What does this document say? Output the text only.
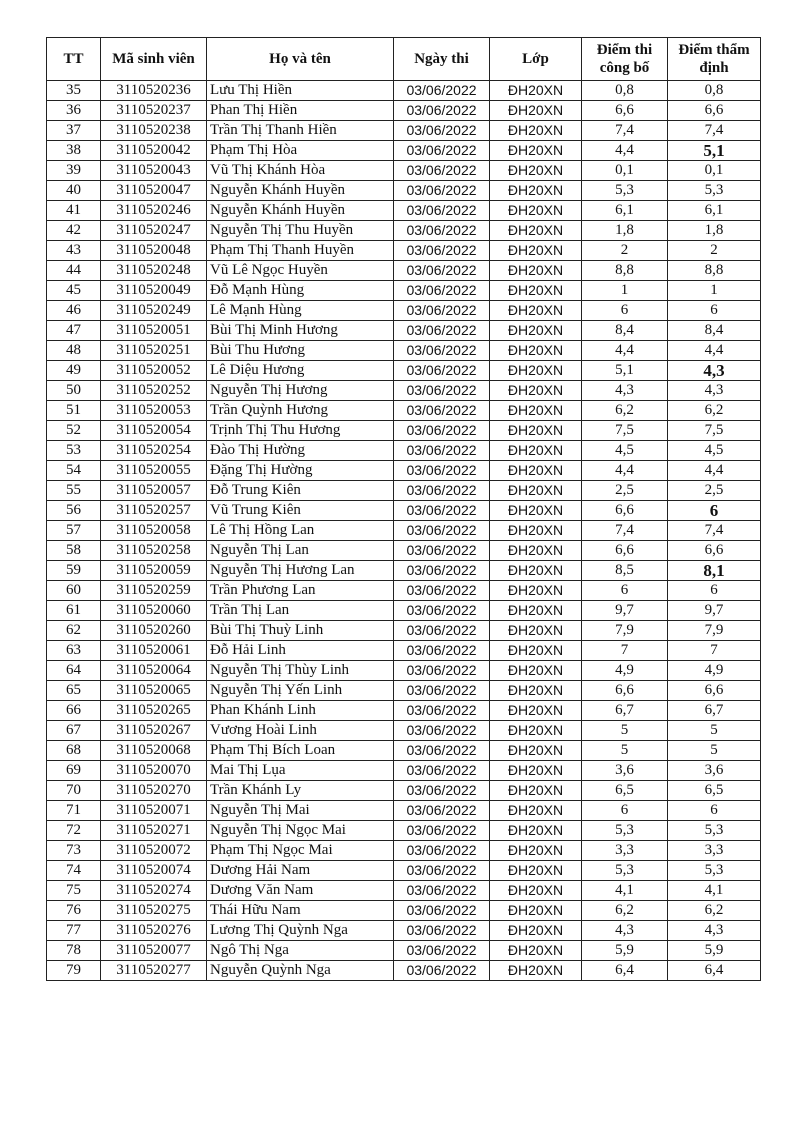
TT	Mã sinh viên	Họ và tên	Ngày thi	Lớp	Điểm thi công bố	Điểm thẩm định
35	3110520236	Lưu Thị Hiền	03/06/2022	ĐH20XN	0,8	0,8
36	3110520237	Phan Thị Hiền	03/06/2022	ĐH20XN	6,6	6,6
37	3110520238	Trần Thị Thanh Hiền	03/06/2022	ĐH20XN	7,4	7,4
38	3110520042	Phạm Thị Hòa	03/06/2022	ĐH20XN	4,4	5,1
39	3110520043	Vũ Thị Khánh Hòa	03/06/2022	ĐH20XN	0,1	0,1
40	3110520047	Nguyễn Khánh Huyền	03/06/2022	ĐH20XN	5,3	5,3
41	3110520246	Nguyễn Khánh Huyền	03/06/2022	ĐH20XN	6,1	6,1
42	3110520247	Nguyễn Thị Thu Huyền	03/06/2022	ĐH20XN	1,8	1,8
43	3110520048	Phạm Thị Thanh Huyền	03/06/2022	ĐH20XN	2	2
44	3110520248	Vũ Lê Ngọc Huyền	03/06/2022	ĐH20XN	8,8	8,8
45	3110520049	Đỗ Mạnh Hùng	03/06/2022	ĐH20XN	1	1
46	3110520249	Lê Mạnh Hùng	03/06/2022	ĐH20XN	6	6
47	3110520051	Bùi Thị Minh Hương	03/06/2022	ĐH20XN	8,4	8,4
48	3110520251	Bùi Thu Hương	03/06/2022	ĐH20XN	4,4	4,4
49	3110520052	Lê Diệu Hương	03/06/2022	ĐH20XN	5,1	4,3
50	3110520252	Nguyễn Thị Hương	03/06/2022	ĐH20XN	4,3	4,3
51	3110520053	Trần Quỳnh Hương	03/06/2022	ĐH20XN	6,2	6,2
52	3110520054	Trịnh Thị Thu Hương	03/06/2022	ĐH20XN	7,5	7,5
53	3110520254	Đào Thị Hường	03/06/2022	ĐH20XN	4,5	4,5
54	3110520055	Đặng Thị Hường	03/06/2022	ĐH20XN	4,4	4,4
55	3110520057	Đỗ Trung Kiên	03/06/2022	ĐH20XN	2,5	2,5
56	3110520257	Vũ Trung Kiên	03/06/2022	ĐH20XN	6,6	6
57	3110520058	Lê Thị Hồng Lan	03/06/2022	ĐH20XN	7,4	7,4
58	3110520258	Nguyễn Thị Lan	03/06/2022	ĐH20XN	6,6	6,6
59	3110520059	Nguyễn Thị Hương Lan	03/06/2022	ĐH20XN	8,5	8,1
60	3110520259	Trần Phương Lan	03/06/2022	ĐH20XN	6	6
61	3110520060	Trần Thị Lan	03/06/2022	ĐH20XN	9,7	9,7
62	3110520260	Bùi Thị Thuỳ Linh	03/06/2022	ĐH20XN	7,9	7,9
63	3110520061	Đỗ Hải Linh	03/06/2022	ĐH20XN	7	7
64	3110520064	Nguyễn Thị Thùy Linh	03/06/2022	ĐH20XN	4,9	4,9
65	3110520065	Nguyễn Thị Yến Linh	03/06/2022	ĐH20XN	6,6	6,6
66	3110520265	Phan Khánh Linh	03/06/2022	ĐH20XN	6,7	6,7
67	3110520267	Vương Hoài Linh	03/06/2022	ĐH20XN	5	5
68	3110520068	Phạm Thị Bích Loan	03/06/2022	ĐH20XN	5	5
69	3110520070	Mai Thị Lụa	03/06/2022	ĐH20XN	3,6	3,6
70	3110520270	Trần Khánh Ly	03/06/2022	ĐH20XN	6,5	6,5
71	3110520071	Nguyễn Thị Mai	03/06/2022	ĐH20XN	6	6
72	3110520271	Nguyễn Thị Ngọc Mai	03/06/2022	ĐH20XN	5,3	5,3
73	3110520072	Phạm Thị Ngọc Mai	03/06/2022	ĐH20XN	3,3	3,3
74	3110520074	Dương Hải Nam	03/06/2022	ĐH20XN	5,3	5,3
75	3110520274	Dương Văn Nam	03/06/2022	ĐH20XN	4,1	4,1
76	3110520275	Thái Hữu Nam	03/06/2022	ĐH20XN	6,2	6,2
77	3110520276	Lương Thị Quỳnh Nga	03/06/2022	ĐH20XN	4,3	4,3
78	3110520077	Ngô Thị Nga	03/06/2022	ĐH20XN	5,9	5,9
79	3110520277	Nguyễn Quỳnh Nga	03/06/2022	ĐH20XN	6,4	6,4
